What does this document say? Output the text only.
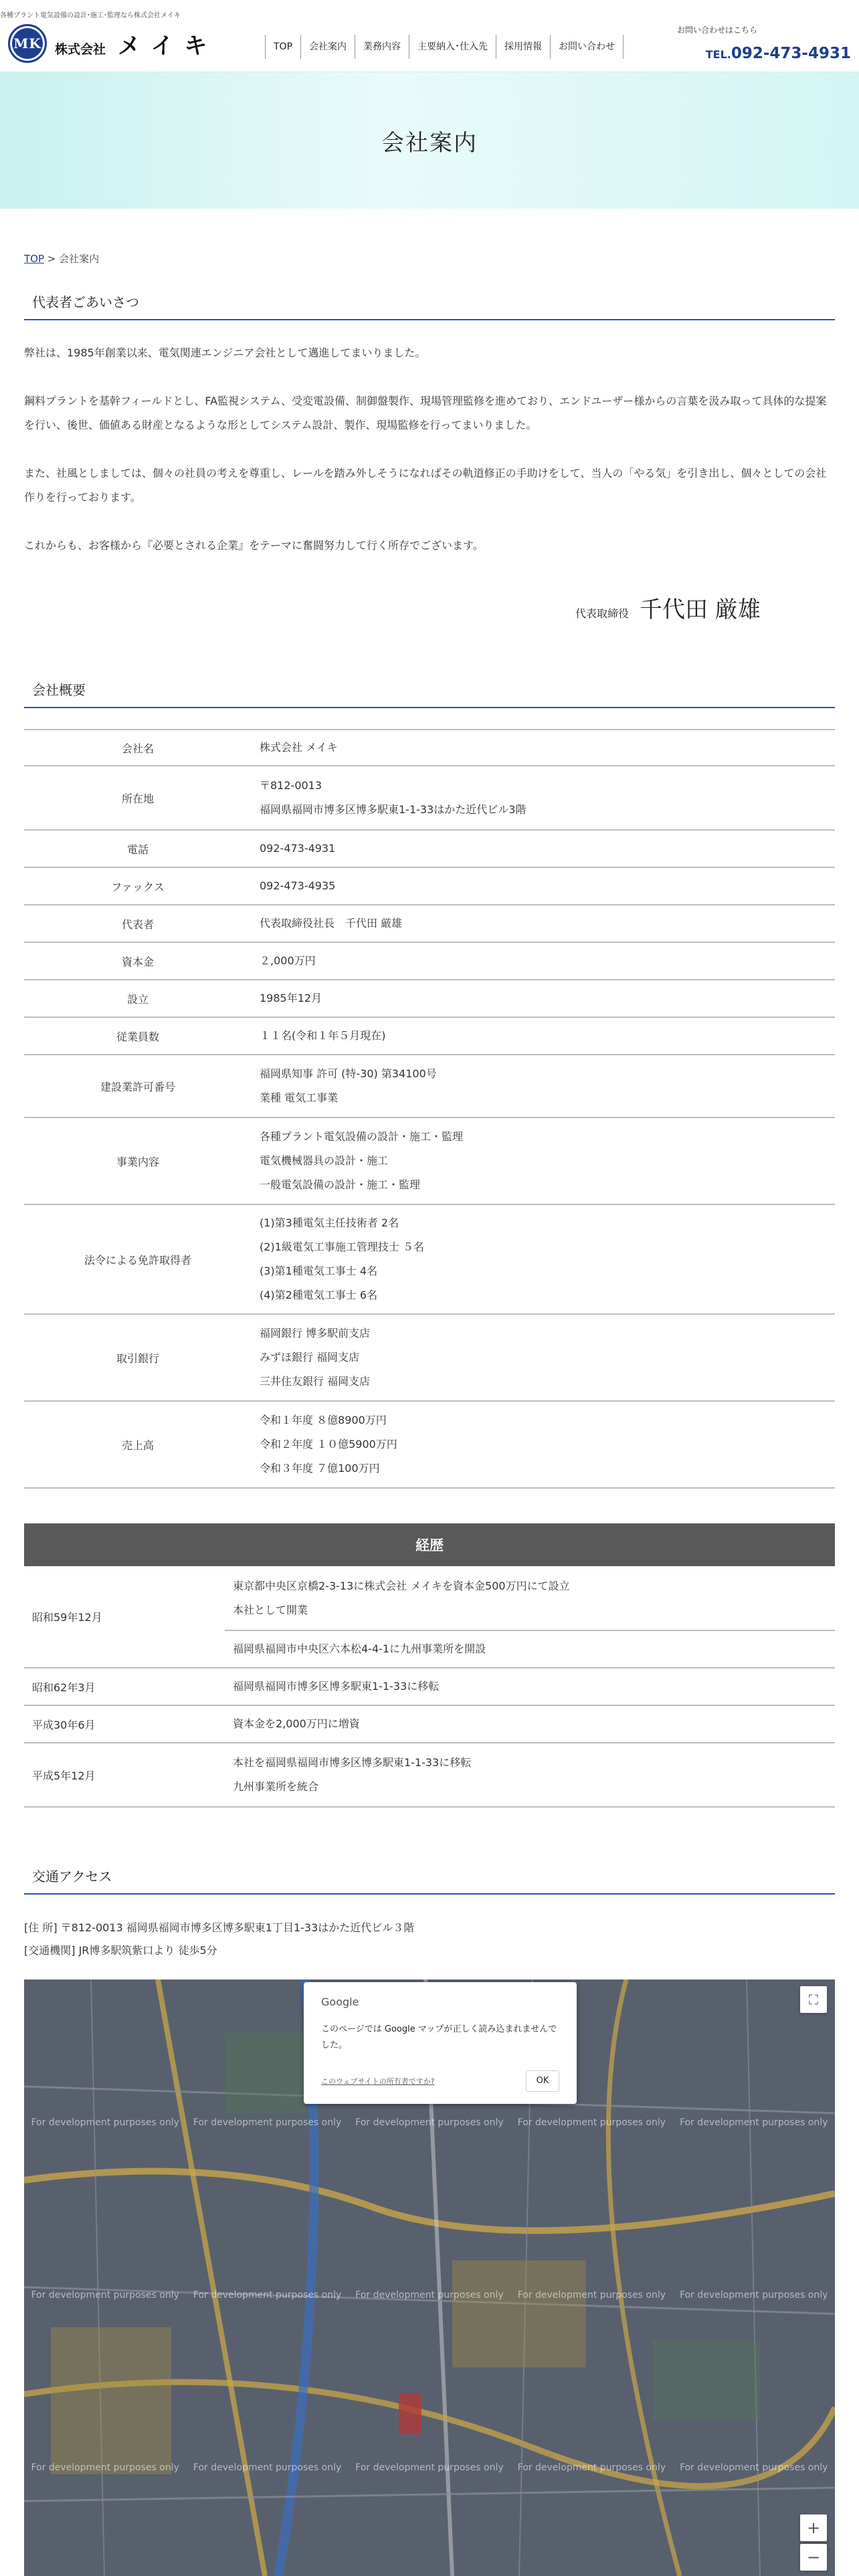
各種プラント電気設備の設計･施工･監理なら株式会社メイキ
MK	株式会社 メイキ	TOP	会社案内	業務内容	主要納入･仕入先	採用情報	お問い合わせ
お問い合わせはこちら
TEL.092-473-4931
会社案内
TOP > 会社案内
代表者ごあいさつ
弊社は、1985年創業以来、電気関連エンジニア会社として邁進してまいりました。
鋼料プラントを基幹フィールドとし、FA監視システム、受変電設備、制御盤製作、現場管理監修を進めており、エンドユーザー様からの言葉を汲み取って具体的な提案を行い、後世、価値ある財産となるような形としてシステム設計、製作、現場監修を行ってまいりました。
また、社風としましては、個々の社員の考えを尊重し、レールを踏み外しそうになればその軌道修正の手助けをして、当人の「やる気」を引き出し、個々としての会社作りを行っております。
これからも、お客様から『必要とされる企業』をテーマに奮闘努力して行く所存でございます。
代表取締役 千代田 厳雄
会社概要
会社名	株式会社 メイキ

所在地	〒812-0013
福岡県福岡市博多区博多駅東1-1-33はかた近代ビル3階

電話	092-473-4931

ファックス	092-473-4935

代表者	代表取締役社長　千代田 厳雄

資本金	２,000万円

設立	1985年12月

従業員数	１１名(令和１年５月現在)

建設業許可番号	福岡県知事 許可 (特-30) 第34100号
業種 電気工事業

事業内容	各種プラント電気設備の設計・施工・監理
電気機械器具の設計・施工
一般電気設備の設計・施工・監理

法令による免許取得者	(1)第3種電気主任技術者 2名
(2)1級電気工事施工管理技士 ５名
(3)第1種電気工事士 4名
(4)第2種電気工事士 6名

取引銀行	福岡銀行 博多駅前支店
みずほ銀行 福岡支店
三井住友銀行 福岡支店

売上高	令和１年度 ８億8900万円
令和２年度 １０億5900万円
令和３年度 ７億100万円
経歴
昭和59年12月	東京都中央区京橋2-3-13に株式会社 メイキを資本金500万円にて設立
本社として開業

	福岡県福岡市中央区六本松4-4-1に九州事業所を開設

昭和62年3月	福岡県福岡市博多区博多駅東1-1-33に移転

平成30年6月	資本金を2,000万円に増資

平成5年12月	本社を福岡県福岡市博多区博多駅東1-1-33に移転
九州事業所を統合
交通アクセス
[住 所] 〒812-0013 福岡県福岡市博多区博多駅東1丁目1-33はかた近代ビル３階
[交通機関] JR博多駅筑紫口より 徒歩5分
For development purposes only For development purposes only For development purposes only For development purposes only For development purposes only
For development purposes only For development purposes only For development purposes only For development purposes only For development purposes only
For development purposes only For development purposes only For development purposes only For development purposes only For development purposes only
Google
このページでは Google マップが正しく読み込まれませんでした。
このウェブサイトの所有者ですか?	OK
⛶
+
−
